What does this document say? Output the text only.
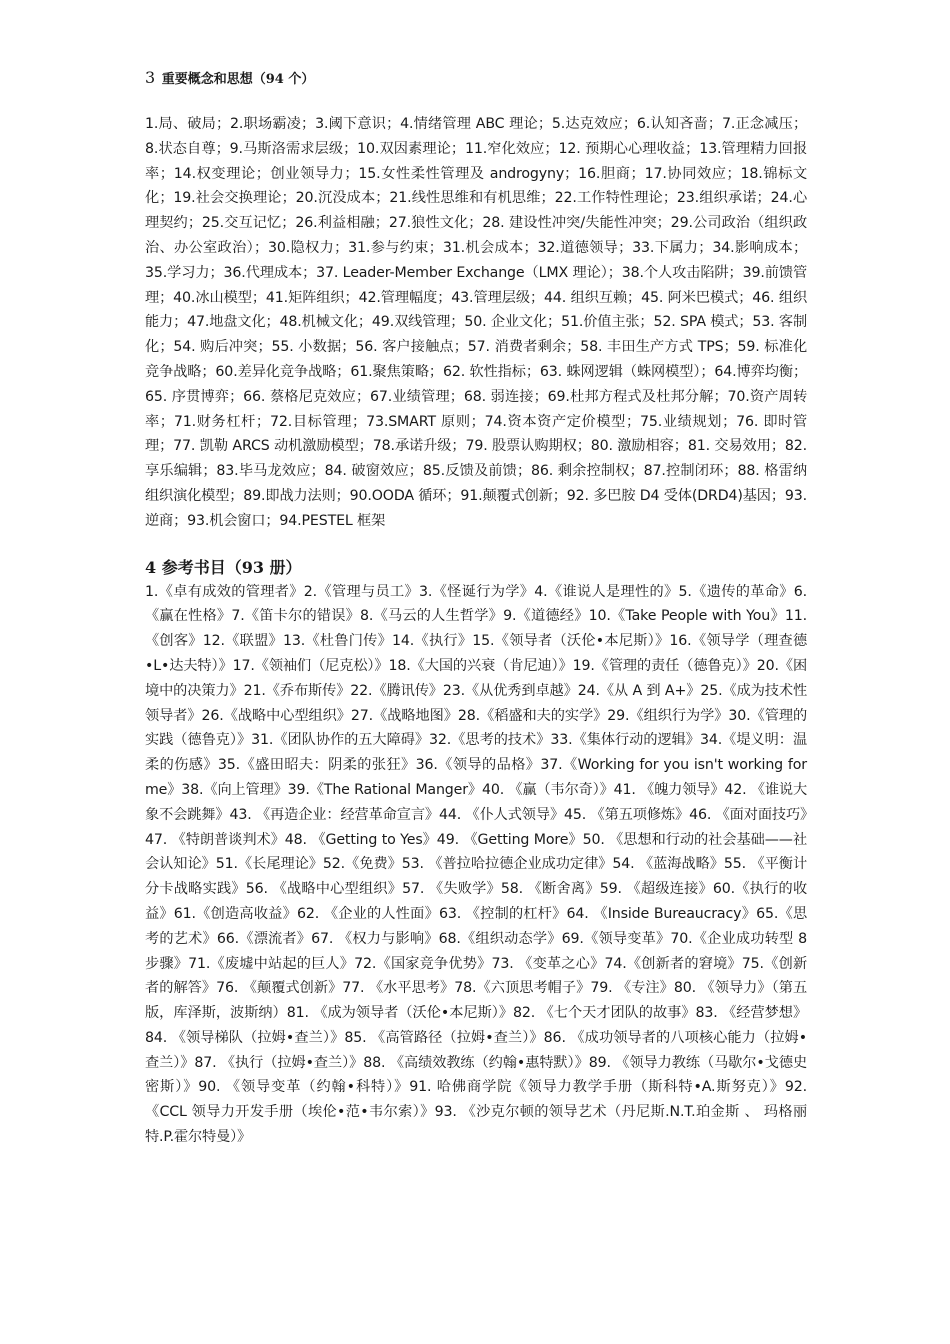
3 重要概念和思想（94 个）

1.局、破局；2.职场霸凌；3.阈下意识；4.情绪管理 ABC 理论；5.达克效应；6.认知吝啬；7.正念减压；8.状态自尊；9.马斯洛需求层级；10.双因素理论；11.窄化效应；12. 预期心心理收益；13.管理精力回报率；14.权变理论；创业领导力；15.女性柔性管理及 androgyny；16.胆商；17.协同效应；18.锦标文化；19.社会交换理论；20.沉没成本；21.线性思维和有机思维；22.工作特性理论；23.组织承诺；24.心理契约；25.交互记忆；26.利益相融；27.狼性文化；28. 建设性冲突/失能性冲突；29.公司政治（组织政治、办公室政治）；30.隐权力；31.参与约束；31.机会成本；32.道德领导；33.下属力；34.影响成本；35.学习力；36.代理成本；37. Leader-Member Exchange（LMX 理论）；38.个人攻击陷阱；39.前馈管理；40.冰山模型；41.矩阵组织；42.管理幅度；43.管理层级；44. 组织互赖；45. 阿米巴模式；46. 组织能力；47.地盘文化；48.机械文化；49.双线管理；50. 企业文化；51.价值主张；52. SPA 模式；53. 客制化；54. 购后冲突；55. 小数据；56. 客户接触点；57. 消费者剩余；58. 丰田生产方式 TPS；59. 标准化竞争战略；60.差异化竞争战略；61.聚焦策略；62. 软性指标；63. 蛛网逻辑（蛛网模型）；64.博弈均衡；65. 序贯博弈；66. 蔡格尼克效应；67.业绩管理；68. 弱连接；69.杜邦方程式及杜邦分解；70.资产周转率；71.财务杠杆；72.目标管理；73.SMART 原则；74.资本资产定价模型；75.业绩规划；76. 即时管理；77. 凯勒 ARCS 动机激励模型；78.承诺升级；79. 股票认购期权；80. 激励相容；81. 交易效用；82. 享乐编辑；83.毕马龙效应；84. 破窗效应；85.反馈及前馈；86. 剩余控制权；87.控制闭环；88. 格雷纳组织演化模型；89.即战力法则；90.OODA 循环；91.颠覆式创新；92. 多巴胺 D4 受体(DRD4)基因；93.逆商；93.机会窗口；94.PESTEL 框架

4 参考书目（93 册）

1.《卓有成效的管理者》2.《管理与员工》3.《怪诞行为学》4.《谁说人是理性的》5.《遗传的革命》6. 《赢在性格》7.《笛卡尔的错误》8.《马云的人生哲学》9.《道德经》10.《Take People with You》11.《创客》12.《联盟》13.《杜鲁门传》14.《执行》15.《领导者（沃伦•本尼斯）》16.《领导学（理查德•L•达夫特）》17.《领袖们（尼克松）》18.《大国的兴衰（肯尼迪）》19.《管理的责任（德鲁克）》20.《困境中的决策力》21.《乔布斯传》22.《腾讯传》23.《从优秀到卓越》24.《从 A 到 A+》25.《成为技术性领导者》26.《战略中心型组织》27.《战略地图》28.《稻盛和夫的实学》29.《组织行为学》30.《管理的实践（德鲁克）》31.《团队协作的五大障碍》32.《思考的技术》33.《集体行动的逻辑》34.《堤义明：温柔的伤感》35.《盛田昭夫：阴柔的张狂》36.《领导的品格》37.《Working for you isn't working for me》38.《向上管理》39.《The Rational Manger》40. 《赢（韦尔奇）》41. 《魄力领导》42. 《谁说大象不会跳舞》43. 《再造企业：经营革命宣言》44. 《仆人式领导》45. 《第五项修炼》46. 《面对面技巧》47. 《特朗普谈判术》48. 《Getting to Yes》49. 《Getting More》50. 《思想和行动的社会基础——社会认知论》51.《长尾理论》52.《免费》53. 《普拉哈拉德企业成功定律》54. 《蓝海战略》55. 《平衡计分卡战略实践》56. 《战略中心型组织》57. 《失败学》58. 《断舍离》59. 《超级连接》60.《执行的收益》61.《创造高收益》62. 《企业的人性面》63. 《控制的杠杆》64. 《Inside Bureaucracy》65.《思考的艺术》66.《漂流者》67. 《权力与影响》68.《组织动态学》69.《领导变革》70.《企业成功转型 8 步骤》71.《废墟中站起的巨人》72.《国家竞争优势》73. 《变革之心》74.《创新者的窘境》75.《创新者的解答》76. 《颠覆式创新》77. 《水平思考》78.《六顶思考帽子》79. 《专注》80. 《领导力》（第五版，库泽斯，波斯纳）81. 《成为领导者（沃伦•本尼斯）》82. 《七个天才团队的故事》83. 《经营梦想》84. 《领导梯队（拉姆•查兰）》85. 《高管路径（拉姆•查兰）》86. 《成功领导者的八项核心能力（拉姆•查兰）》87. 《执行（拉姆•查兰）》88. 《高绩效教练（约翰•惠特默）》89. 《领导力教练（马歇尔•戈德史密斯）》90. 《领导变革（约翰•科特）》91. 哈佛商学院《领导力教学手册（斯科特•A.斯努克）》92. 《CCL 领导力开发手册（埃伦•范•韦尔索）》93. 《沙克尔顿的领导艺术（丹尼斯.N.T.珀金斯 、 玛格丽特.P.霍尔特曼）》
